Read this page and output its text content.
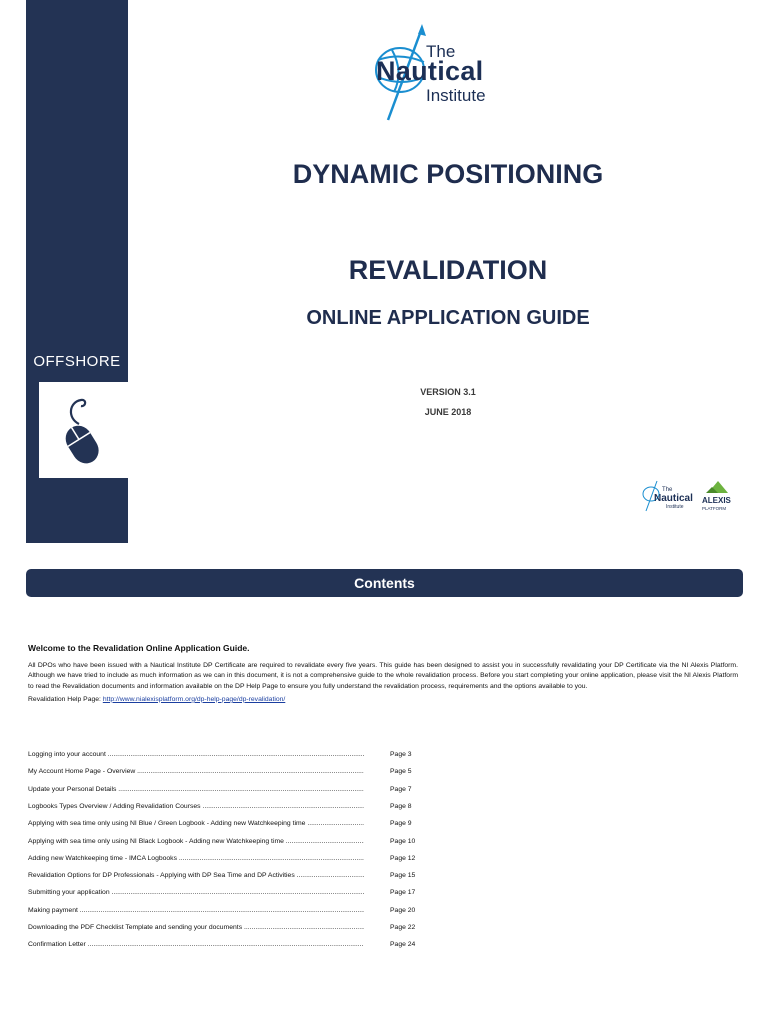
OFFSHORE
The
Nautical
Institute
DYNAMIC POSITIONING
REVALIDATION
ONLINE APPLICATION GUIDE
VERSION 3.1
JUNE 2018
The
Nautical
Institute
ALEXIS
PLATFORM
Contents
Welcome to the Revalidation Online Application Guide.
All DPOs who have been issued with a Nautical Institute DP Certificate are required to revalidate every five years. This guide has been designed to assist you in successfully revalidating your DP Certificate via the NI Alexis Platform. Although we have tried to include as much information as we can in this document, it is not a comprehensive guide to the whole revalidation process. Before you start completing your online application, please visit the NI Alexis Platform to read the Revalidation documents and information available on the DP Help Page to ensure you fully understand the revalidation process, requirements and the options available to you.
Revalidation Help Page: http://www.nialexisplatform.org/dp-help-page/dp-revalidation/
Logging into your account .....	Page 3
My Account Home Page - Overview .....	Page 5
Update your Personal Details .....	Page 7
Logbooks Types Overview / Adding Revalidation Courses .....	Page 8
Applying with sea time only using NI Blue / Green Logbook - Adding new Watchkeeping time .....	Page 9
Applying with sea time only using NI Black Logbook - Adding new Watchkeeping time .....	Page 10
Adding new Watchkeeping time - IMCA Logbooks .....	Page 12
Revalidation Options for DP Professionals - Applying with DP Sea Time and DP Activities .....	Page 15
Submitting your application .....	Page 17
Making payment .....	Page 20
Downloading the PDF Checklist Template and sending your documents .....	Page 22
Confirmation Letter .....	Page 24
